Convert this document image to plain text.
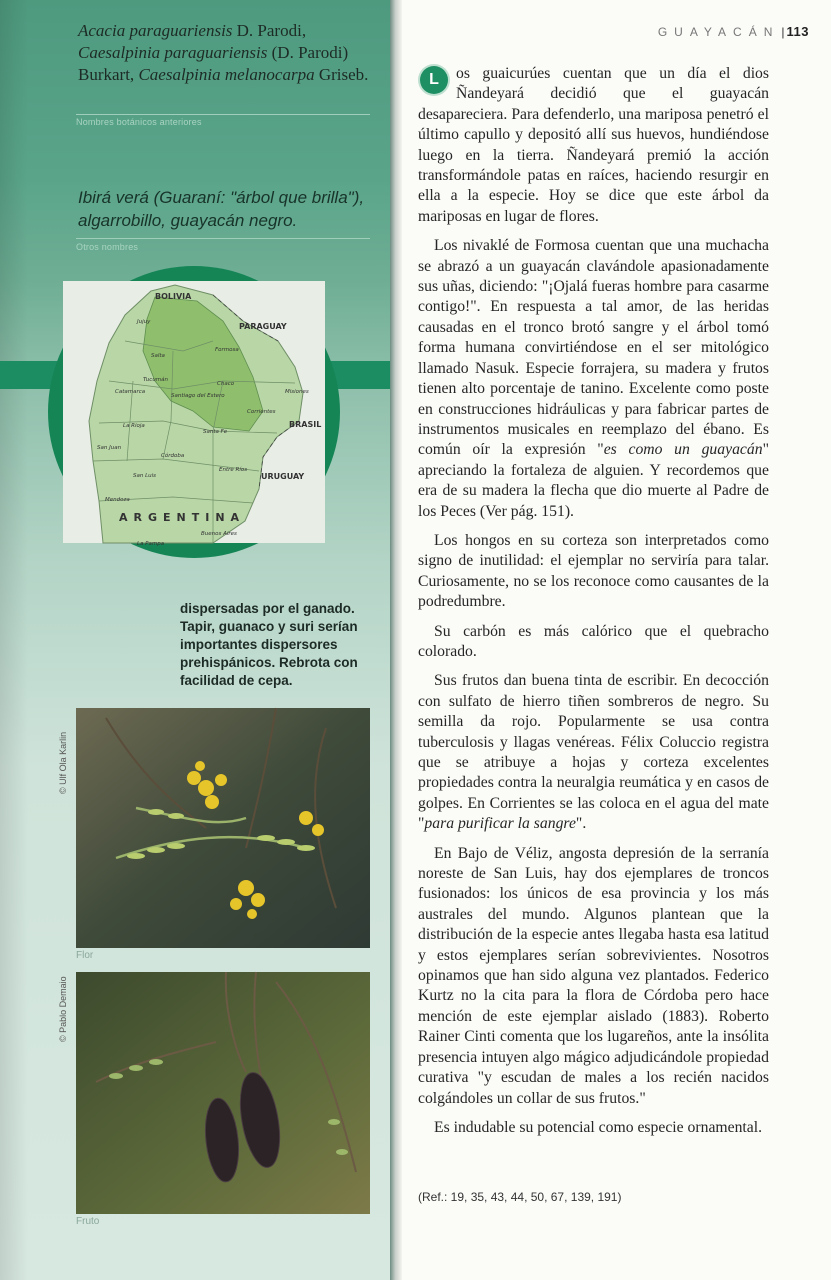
Acacia paraguariensis D. Parodi, Caesalpinia paraguariensis (D. Parodi) Burkart, Caesalpinia melanocarpa Griseb.
Nombres botánicos anteriores
Ibirá verá (Guaraní: "árbol que brilla"), algarrobillo, guayacán negro.
Otros nombres
BOLIVIA
PARAGUAY
BRASIL
URUGUAY
ARGENTINA
Jujuy
Salta
Formosa
Chaco
Tucumán
Catamarca
Santiago del Estero
Misiones
Corrientes
La Rioja
Santa Fe
San Juan
Córdoba
Entre Ríos
San Luis
Mendoza
Buenos Aires
La Pampa
dispersadas por el ganado. Tapir, guanaco y suri serían importantes dispersores prehispánicos. Rebrota con facilidad de cepa.
© Ulf Ola Karlin
Flor
© Pablo Demaio
Fruto
GUAYACÁN | 113

L	os guaicurúes cuentan que un día el dios Ñandeyará decidió que el guayacán desapareciera. Para defenderlo, una mariposa penetró el último capullo y depositó allí sus huevos, hundiéndose luego en la tierra. Ñandeyará premió la acción transformándole patas en raíces, haciendo resurgir en ella a la especie. Hoy se dice que este árbol da mariposas en lugar de flores.

Los nivaklé de Formosa cuentan que una muchacha se abrazó a un guayacán clavándole apasionadamente sus uñas, diciendo: "¡Ojalá fueras hombre para casarme contigo!". En respuesta a tal amor, de las heridas causadas en el tronco brotó sangre y el árbol tomó forma humana convirtiéndose en el ser mitológico llamado Nasuk. Especie forrajera, su madera y frutos tienen alto porcentaje de tanino. Excelente como poste en construcciones hidráulicas y para fabricar partes de instrumentos musicales en reemplazo del ébano. Es común oír la expresión "es como un guayacán" apreciando la fortaleza de alguien. Y recordemos que era de su madera la flecha que dio muerte al Padre de los Peces (Ver pág. 151).

Los hongos en su corteza son interpretados como signo de inutilidad: el ejemplar no serviría para talar. Curiosamente, no se los reconoce como causantes de la podredumbre.

Su carbón es más calórico que el quebracho colorado.

Sus frutos dan buena tinta de escribir. En decocción con sulfato de hierro tiñen sombreros de negro. Su semilla da rojo. Popularmente se usa contra tuberculosis y llagas venéreas. Félix Coluccio registra que se atribuye a hojas y corteza excelentes propiedades contra la neuralgia reumática y en casos de golpes. En Corrientes se las coloca en el agua del mate "para purificar la sangre".

En Bajo de Véliz, angosta depresión de la serranía noreste de San Luis, hay dos ejemplares de troncos fusionados: los únicos de esa provincia y los más australes del mundo. Algunos plantean que la distribución de la especie antes llegaba hasta esa latitud y estos ejemplares serían sobrevivientes. Nosotros opinamos que han sido alguna vez plantados. Federico Kurtz no la cita para la flora de Córdoba pero hace mención de este ejemplar aislado (1883). Roberto Rainer Cinti comenta que los lugareños, ante la insólita presencia intuyen algo mágico adjudicándole propiedad curativa "y escudan de males a los recién nacidos colgándoles un collar de sus frutos."

Es indudable su potencial como especie ornamental.

(Ref.: 19, 35, 43, 44, 50, 67, 139, 191)
